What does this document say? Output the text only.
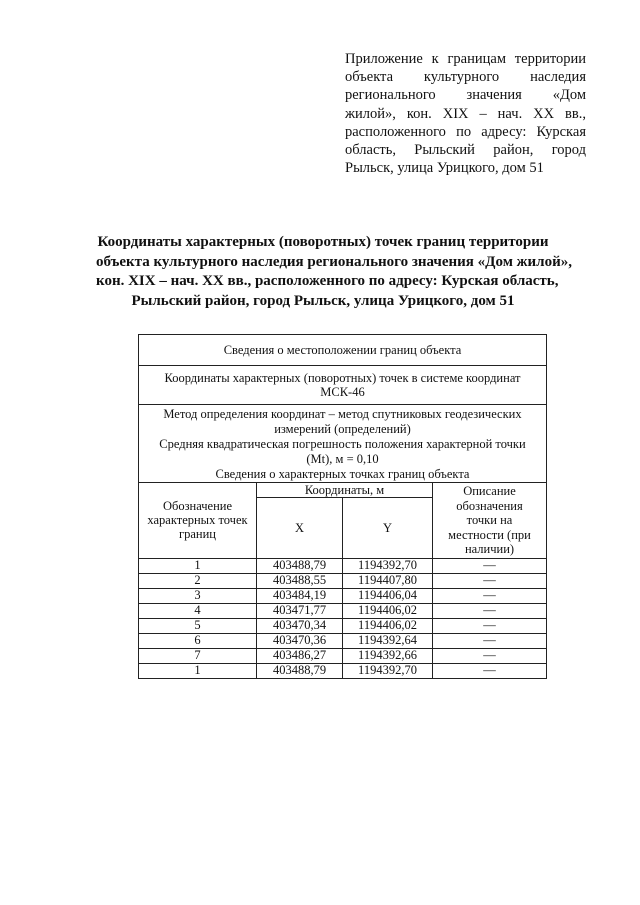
Приложение к границам территории
объекта культурного наследия
регионального значения «Дом
жилой», кон. XIX – нач. XX вв.,
расположенного по адресу: Курская
область, Рыльский район, город
Рыльск, улица Урицкого, дом 51
Координаты характерных (поворотных) точек границ территории
объекта культурного наследия регионального значения «Дом жилой»,
кон. XIX – нач. XX вв., расположенного по адресу: Курская область,
Рыльский район, город Рыльск, улица Урицкого, дом 51
Сведения о местоположении границ объекта			
Координаты характерных (поворотных) точек в системе координат МСК-46			

Метод определения координат – метод спутниковых геодезических измерений (определений)
Средняя квадратическая погрешность положения характерной точки (Mt), м = 0,10
Сведения о характерных точках границ объекта			

Обозначение характерных точек границ	Координаты, м		Описание обозначения точки на местности (при наличии)
	X	Y	
1	403488,79	1194392,70	—
2	403488,55	1194407,80	—
3	403484,19	1194406,04	—
4	403471,77	1194406,02	—
5	403470,34	1194406,02	—
6	403470,36	1194392,64	—
7	403486,27	1194392,66	—
1	403488,79	1194392,70	—
